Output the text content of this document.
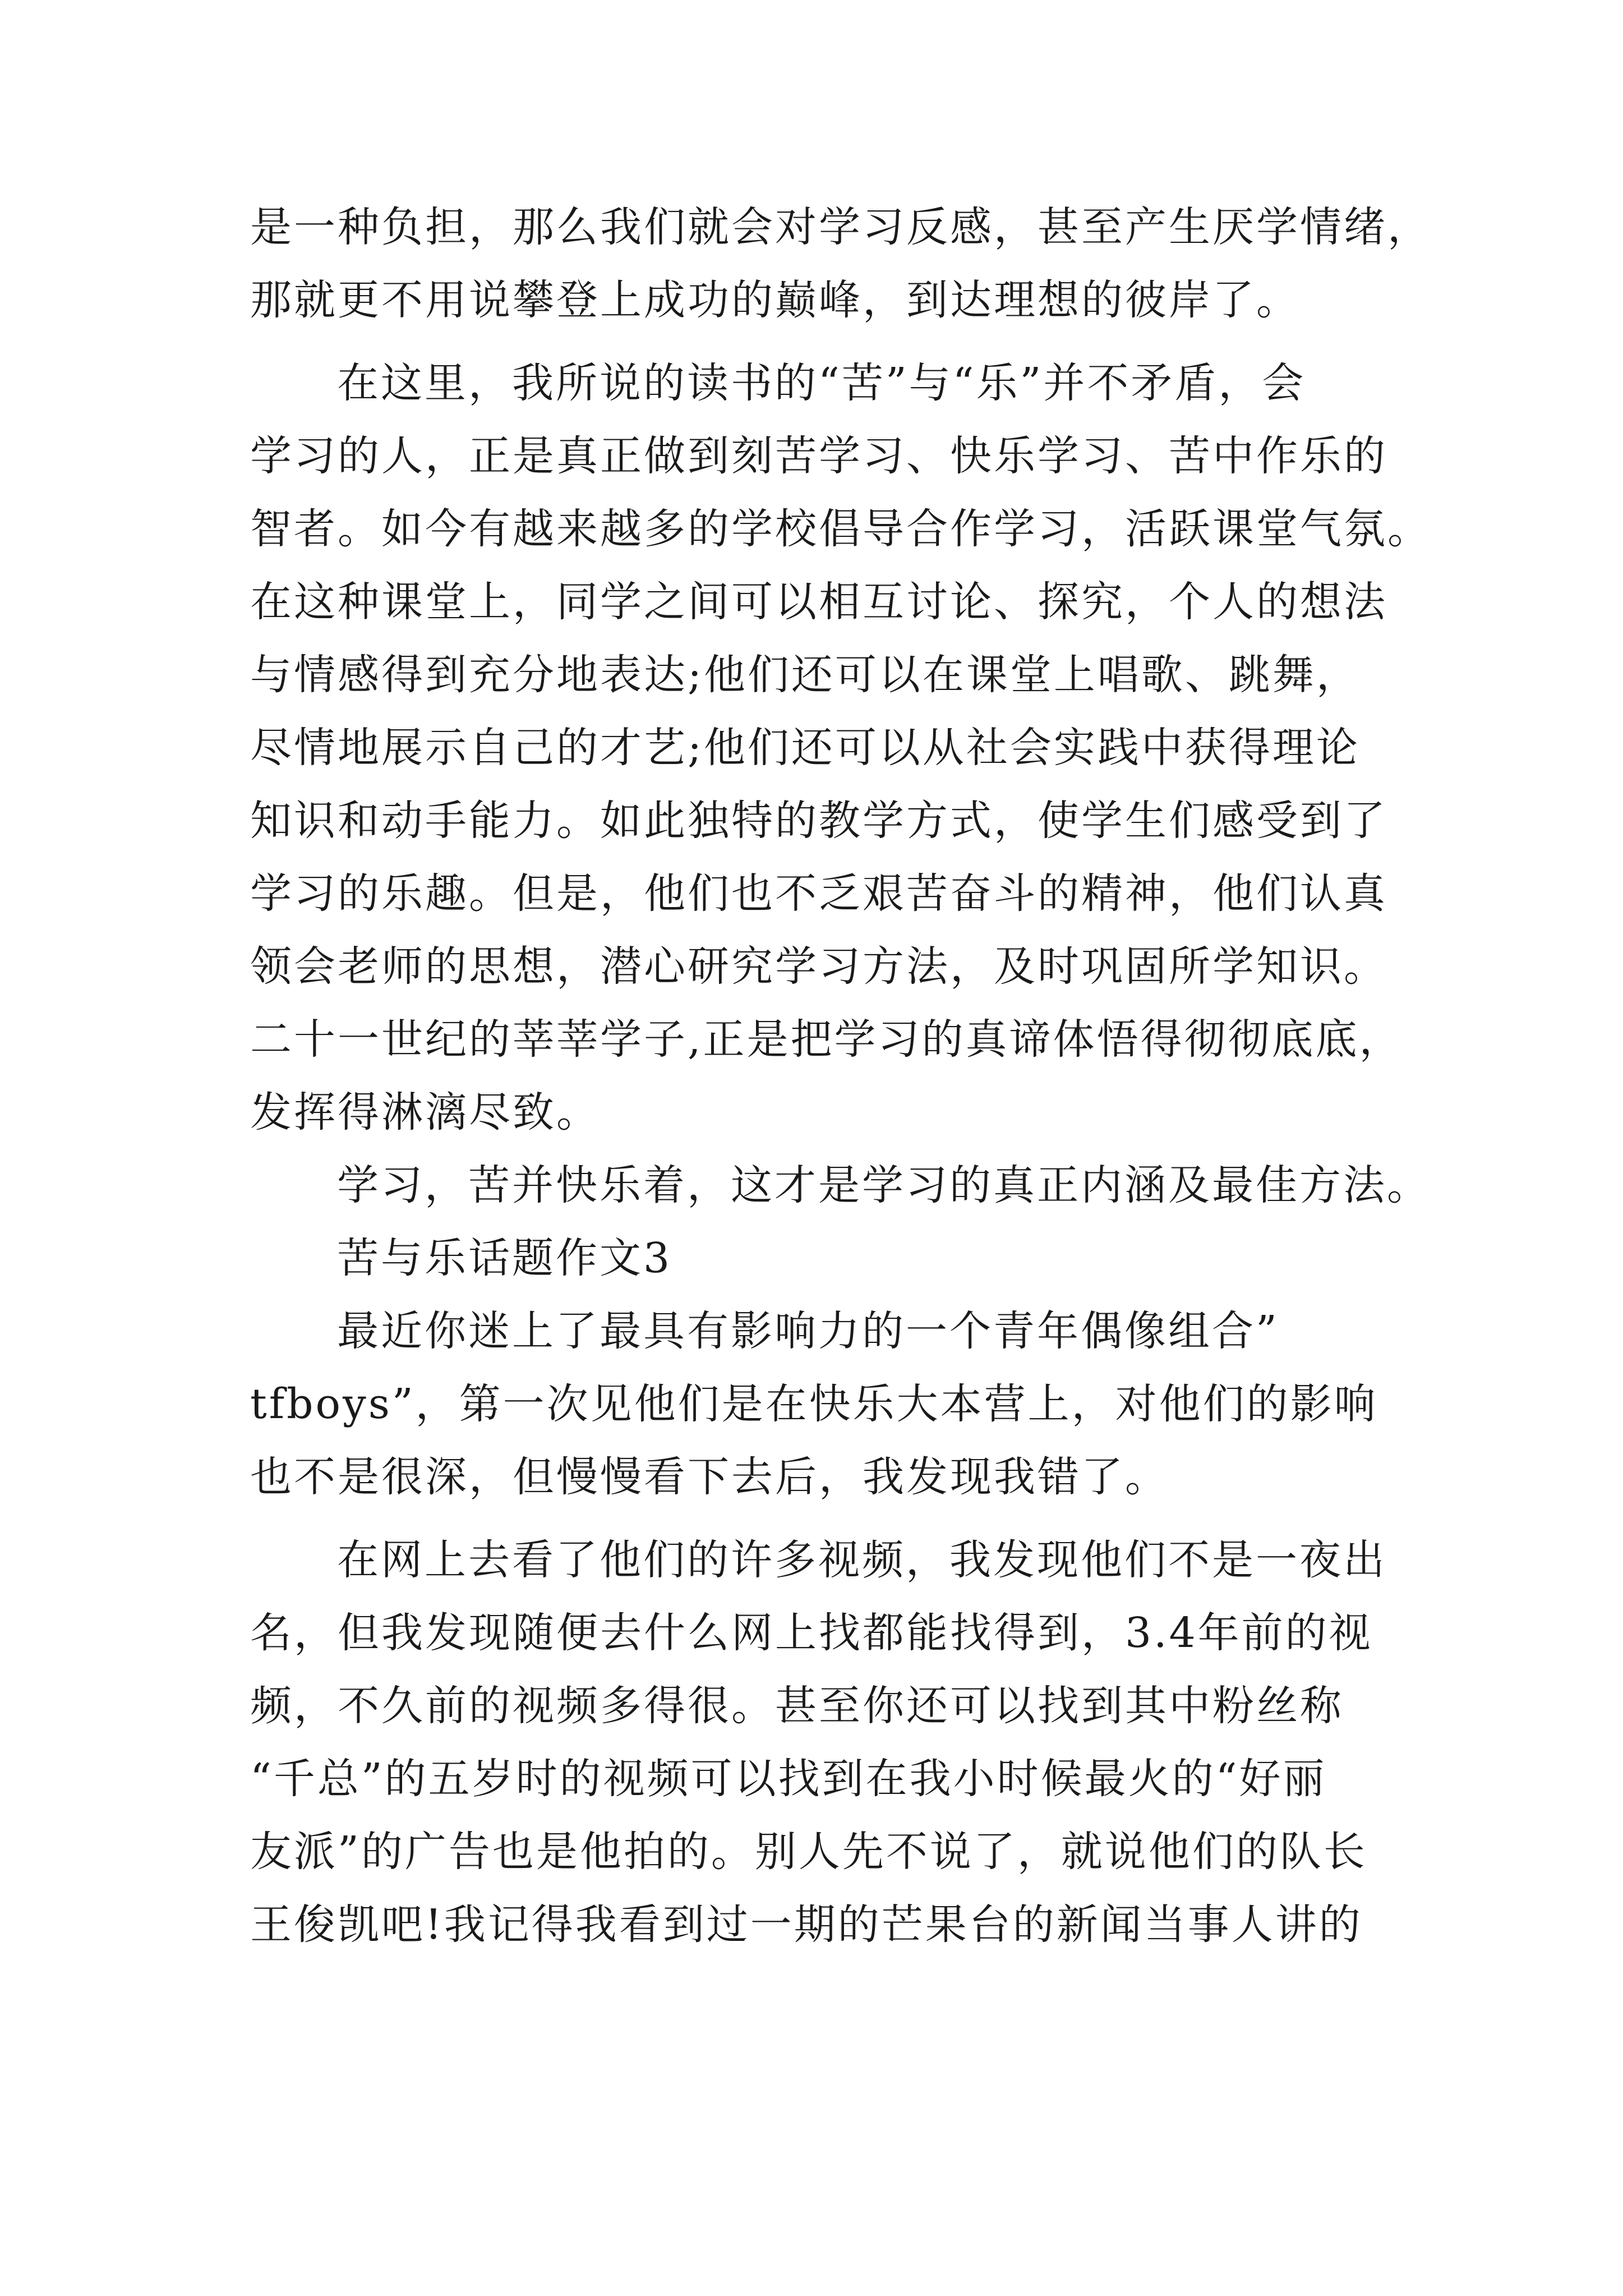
是一种负担，那么我们就会对学习反感，甚至产生厌学情绪，
那就更不用说攀登上成功的巅峰，到达理想的彼岸了。
在这里，我所说的读书的“苦”与“乐”并不矛盾，会
学习的人，正是真正做到刻苦学习、快乐学习、苦中作乐的
智者。如今有越来越多的学校倡导合作学习，活跃课堂气氛。
在这种课堂上，同学之间可以相互讨论、探究，个人的想法
与情感得到充分地表达;他们还可以在课堂上唱歌、跳舞，
尽情地展示自己的才艺;他们还可以从社会实践中获得理论
知识和动手能力。如此独特的教学方式，使学生们感受到了
学习的乐趣。但是，他们也不乏艰苦奋斗的精神，他们认真
领会老师的思想，潜心研究学习方法，及时巩固所学知识。
二十一世纪的莘莘学子,正是把学习的真谛体悟得彻彻底底，
发挥得淋漓尽致。
学习，苦并快乐着，这才是学习的真正内涵及最佳方法。
苦与乐话题作文3
最近你迷上了最具有影响力的一个青年偶像组合”
tfboys”，第一次见他们是在快乐大本营上，对他们的影响
也不是很深，但慢慢看下去后，我发现我错了。
在网上去看了他们的许多视频，我发现他们不是一夜出
名，但我发现随便去什么网上找都能找得到，3.4年前的视
频，不久前的视频多得很。甚至你还可以找到其中粉丝称
“千总”的五岁时的视频可以找到在我小时候最火的“好丽
友派”的广告也是他拍的。别人先不说了，就说他们的队长
王俊凯吧!我记得我看到过一期的芒果台的新闻当事人讲的
